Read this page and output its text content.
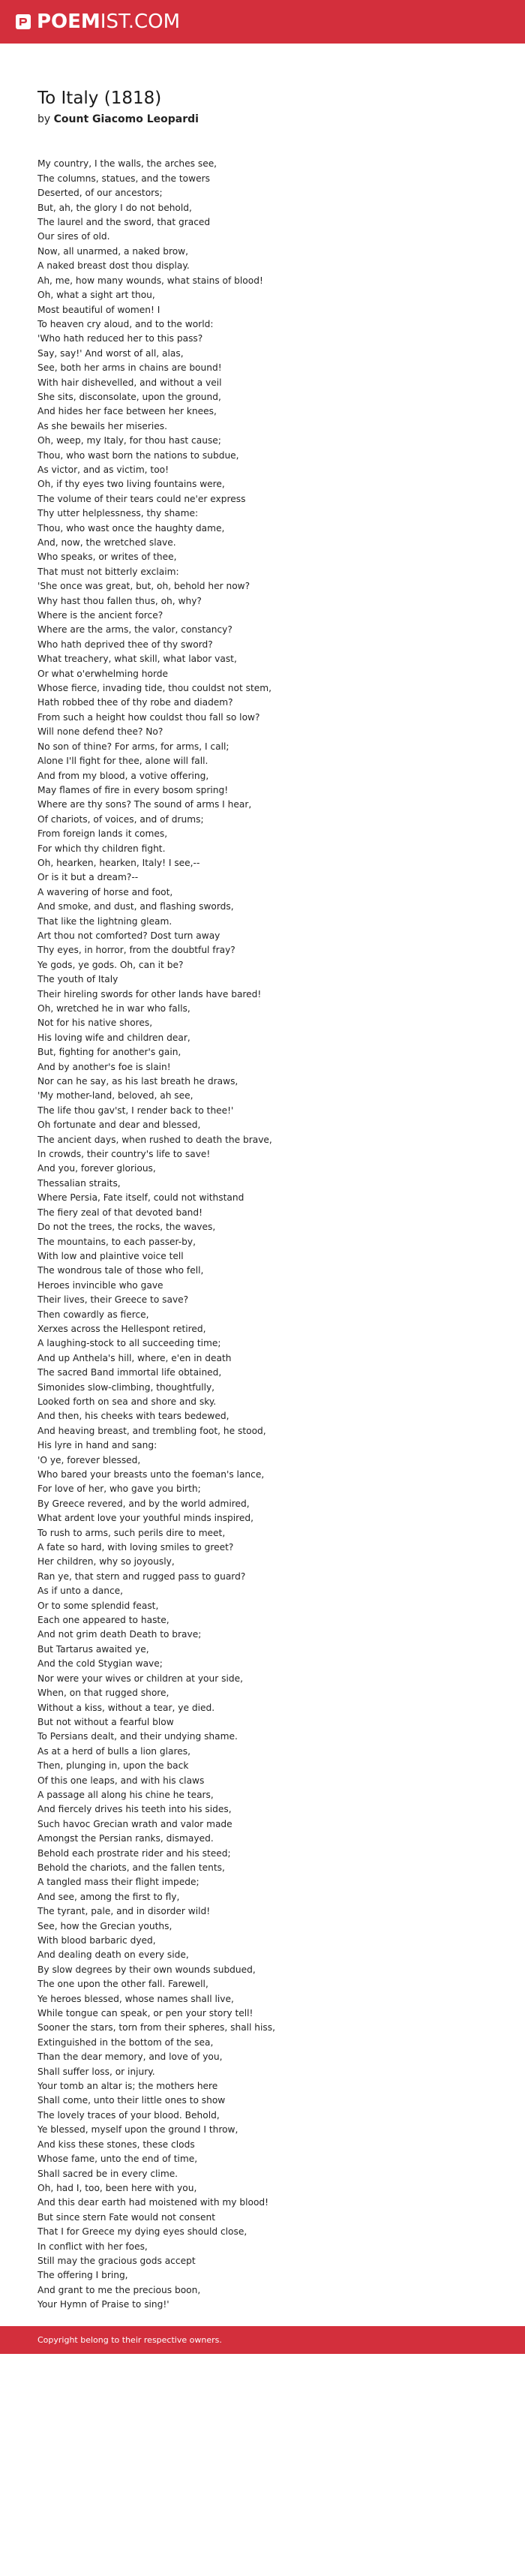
POEMIST.COM
To Italy (1818)

by Count Giacomo Leopardi

My country, I the walls, the arches see,
The columns, statues, and the towers
Deserted, of our ancestors;
But, ah, the glory I do not behold,
The laurel and the sword, that graced
Our sires of old.
Now, all unarmed, a naked brow,
A naked breast dost thou display.
Ah, me, how many wounds, what stains of blood!
Oh, what a sight art thou,
Most beautiful of women! I
To heaven cry aloud, and to the world:
'Who hath reduced her to this pass?
Say, say!' And worst of all, alas,
See, both her arms in chains are bound!
With hair dishevelled, and without a veil
She sits, disconsolate, upon the ground,
And hides her face between her knees,
As she bewails her miseries.
Oh, weep, my Italy, for thou hast cause;
Thou, who wast born the nations to subdue,
As victor, and as victim, too!
Oh, if thy eyes two living fountains were,
The volume of their tears could ne'er express
Thy utter helplessness, thy shame:
Thou, who wast once the haughty dame,
And, now, the wretched slave.
Who speaks, or writes of thee,
That must not bitterly exclaim:
'She once was great, but, oh, behold her now?
Why hast thou fallen thus, oh, why?
Where is the ancient force?
Where are the arms, the valor, constancy?
Who hath deprived thee of thy sword?
What treachery, what skill, what labor vast,
Or what o'erwhelming horde
Whose fierce, invading tide, thou couldst not stem,
Hath robbed thee of thy robe and diadem?
From such a height how couldst thou fall so low?
Will none defend thee? No?
No son of thine? For arms, for arms, I call;
Alone I'll fight for thee, alone will fall.
And from my blood, a votive offering,
May flames of fire in every bosom spring!
Where are thy sons? The sound of arms I hear,
Of chariots, of voices, and of drums;
From foreign lands it comes,
For which thy children fight.
Oh, hearken, hearken, Italy! I see,--
Or is it but a dream?--
A wavering of horse and foot,
And smoke, and dust, and flashing swords,
That like the lightning gleam.
Art thou not comforted? Dost turn away
Thy eyes, in horror, from the doubtful fray?
Ye gods, ye gods. Oh, can it be?
The youth of Italy
Their hireling swords for other lands have bared!
Oh, wretched he in war who falls,
Not for his native shores,
His loving wife and children dear,
But, fighting for another's gain,
And by another's foe is slain!
Nor can he say, as his last breath he draws,
'My mother-land, beloved, ah see,
The life thou gav'st, I render back to thee!'
Oh fortunate and dear and blessed,
The ancient days, when rushed to death the brave,
In crowds, their country's life to save!
And you, forever glorious,
Thessalian straits,
Where Persia, Fate itself, could not withstand
The fiery zeal of that devoted band!
Do not the trees, the rocks, the waves,
The mountains, to each passer-by,
With low and plaintive voice tell
The wondrous tale of those who fell,
Heroes invincible who gave
Their lives, their Greece to save?
Then cowardly as fierce,
Xerxes across the Hellespont retired,
A laughing-stock to all succeeding time;
And up Anthela's hill, where, e'en in death
The sacred Band immortal life obtained,
Simonides slow-climbing, thoughtfully,
Looked forth on sea and shore and sky.
And then, his cheeks with tears bedewed,
And heaving breast, and trembling foot, he stood,
His lyre in hand and sang:
'O ye, forever blessed,
Who bared your breasts unto the foeman's lance,
For love of her, who gave you birth;
By Greece revered, and by the world admired,
What ardent love your youthful minds inspired,
To rush to arms, such perils dire to meet,
A fate so hard, with loving smiles to greet?
Her children, why so joyously,
Ran ye, that stern and rugged pass to guard?
As if unto a dance,
Or to some splendid feast,
Each one appeared to haste,
And not grim death Death to brave;
But Tartarus awaited ye,
And the cold Stygian wave;
Nor were your wives or children at your side,
When, on that rugged shore,
Without a kiss, without a tear, ye died.
But not without a fearful blow
To Persians dealt, and their undying shame.
As at a herd of bulls a lion glares,
Then, plunging in, upon the back
Of this one leaps, and with his claws
A passage all along his chine he tears,
And fiercely drives his teeth into his sides,
Such havoc Grecian wrath and valor made
Amongst the Persian ranks, dismayed.
Behold each prostrate rider and his steed;
Behold the chariots, and the fallen tents,
A tangled mass their flight impede;
And see, among the first to fly,
The tyrant, pale, and in disorder wild!
See, how the Grecian youths,
With blood barbaric dyed,
And dealing death on every side,
By slow degrees by their own wounds subdued,
The one upon the other fall. Farewell,
Ye heroes blessed, whose names shall live,
While tongue can speak, or pen your story tell!
Sooner the stars, torn from their spheres, shall hiss,
Extinguished in the bottom of the sea,
Than the dear memory, and love of you,
Shall suffer loss, or injury.
Your tomb an altar is; the mothers here
Shall come, unto their little ones to show
The lovely traces of your blood. Behold,
Ye blessed, myself upon the ground I throw,
And kiss these stones, these clods
Whose fame, unto the end of time,
Shall sacred be in every clime.
Oh, had I, too, been here with you,
And this dear earth had moistened with my blood!
But since stern Fate would not consent
That I for Greece my dying eyes should close,
In conflict with her foes,
Still may the gracious gods accept
The offering I bring,
And grant to me the precious boon,
Your Hymn of Praise to sing!'
Copyright belong to their respective owners.
